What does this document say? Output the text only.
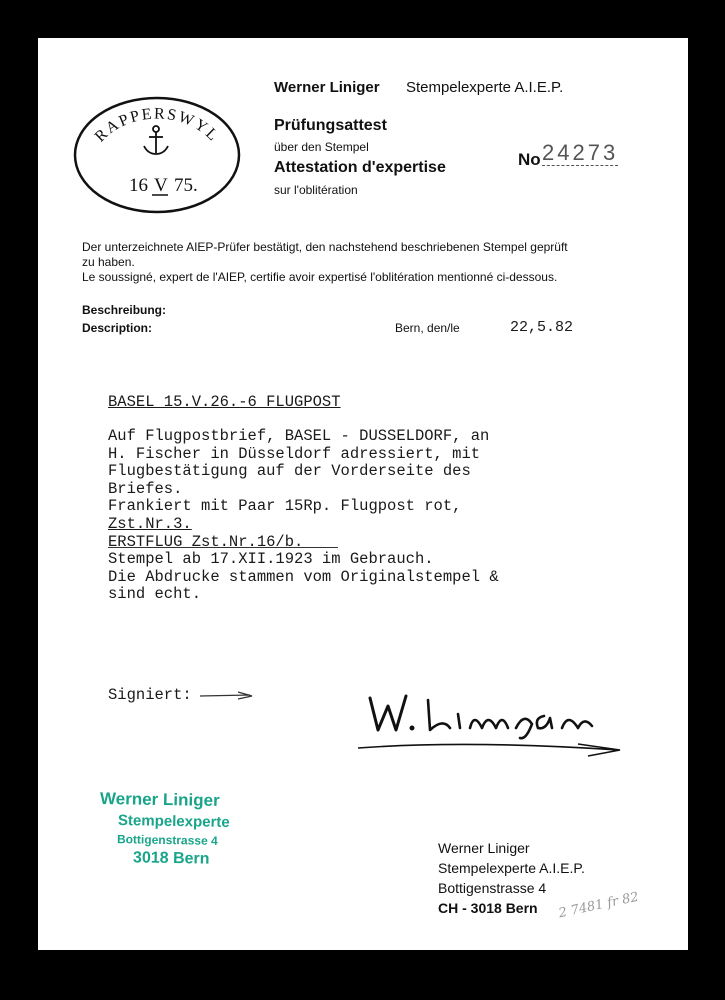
RAPPERSWYL
16 V 75.
Werner Liniger Stempelexperte A.I.E.P.
Prüfungsattest
über den Stempel
Attestation d'expertise
sur l'oblitération
No 24273
Der unterzeichnete AIEP-Prüfer bestätigt, den nachstehend beschriebenen Stempel geprüft
zu haben.
Le soussigné, expert de l'AIEP, certifie avoir expertisé l'oblitération mentionné ci-dessous.
Beschreibung:
Description:	Bern, den/le	22,5.82
BASEL 15.V.26.-6 FLUGPOST
Auf Flugpostbrief, BASEL - DUSSELDORF, an
H. Fischer in Düsseldorf adressiert, mit
Flugbestätigung auf der Vorderseite des
Briefes.
Frankiert mit Paar 15Rp. Flugpost rot,
Zst.Nr.3.
ERSTFLUG Zst.Nr.16/b.
Stempel ab 17.XII.1923 im Gebrauch.
Die Abdrucke stammen vom Originalstempel &
sind echt.
Signiert:
Werner Liniger
Stempelexperte
Bottigenstrasse 4
3018 Bern
Werner Liniger
Stempelexperte A.I.E.P.
Bottigenstrasse 4
CH - 3018 Bern	2 7481 fr 82
